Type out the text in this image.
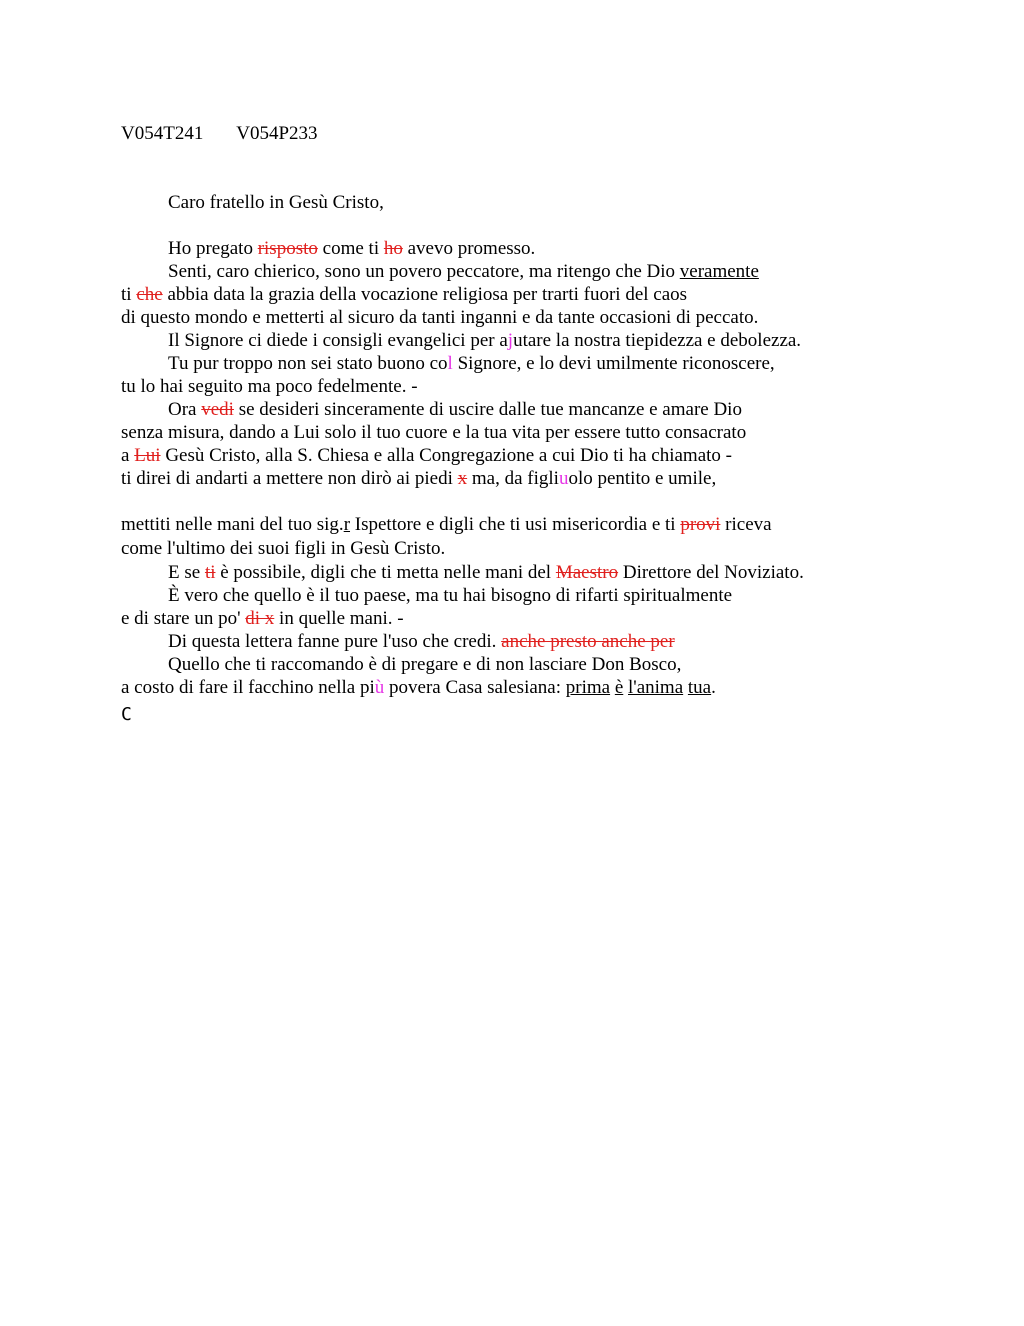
V054T241 V054P233
Caro fratello in Gesù Cristo,
Ho pregato risposto come ti ho avevo promesso.
Senti, caro chierico, sono un povero peccatore, ma ritengo che Dio veramente
ti che abbia data la grazia della vocazione religiosa per trarti fuori del caos
di questo mondo e metterti al sicuro da tanti inganni e da tante occasioni di peccato.
Il Signore ci diede i consigli evangelici per ajutare la nostra tiepidezza e debolezza.
Tu pur troppo non sei stato buono col Signore, e lo devi umilmente riconoscere,
tu lo hai seguito ma poco fedelmente. -
Ora vedi se desideri sinceramente di uscire dalle tue mancanze e amare Dio
senza misura, dando a Lui solo il tuo cuore e la tua vita per essere tutto consacrato
a Lui Gesù Cristo, alla S. Chiesa e alla Congregazione a cui Dio ti ha chiamato -
ti direi di andarti a mettere non dirò ai piedi x ma, da figliuolo pentito e umile,
mettiti nelle mani del tuo sig.r Ispettore e digli che ti usi misericordia e ti provi riceva
come l'ultimo dei suoi figli in Gesù Cristo.
E se ti è possibile, digli che ti metta nelle mani del Maestro Direttore del Noviziato.
È vero che quello è il tuo paese, ma tu hai bisogno di rifarti spiritualmente
e di stare un po' di x in quelle mani. -
Di questa lettera fanne pure l'uso che credi. anche presto anche per
Quello che ti raccomando è di pregare e di non lasciare Don Bosco,
a costo di fare il facchino nella più povera Casa salesiana: prima è l'anima tua.
C
